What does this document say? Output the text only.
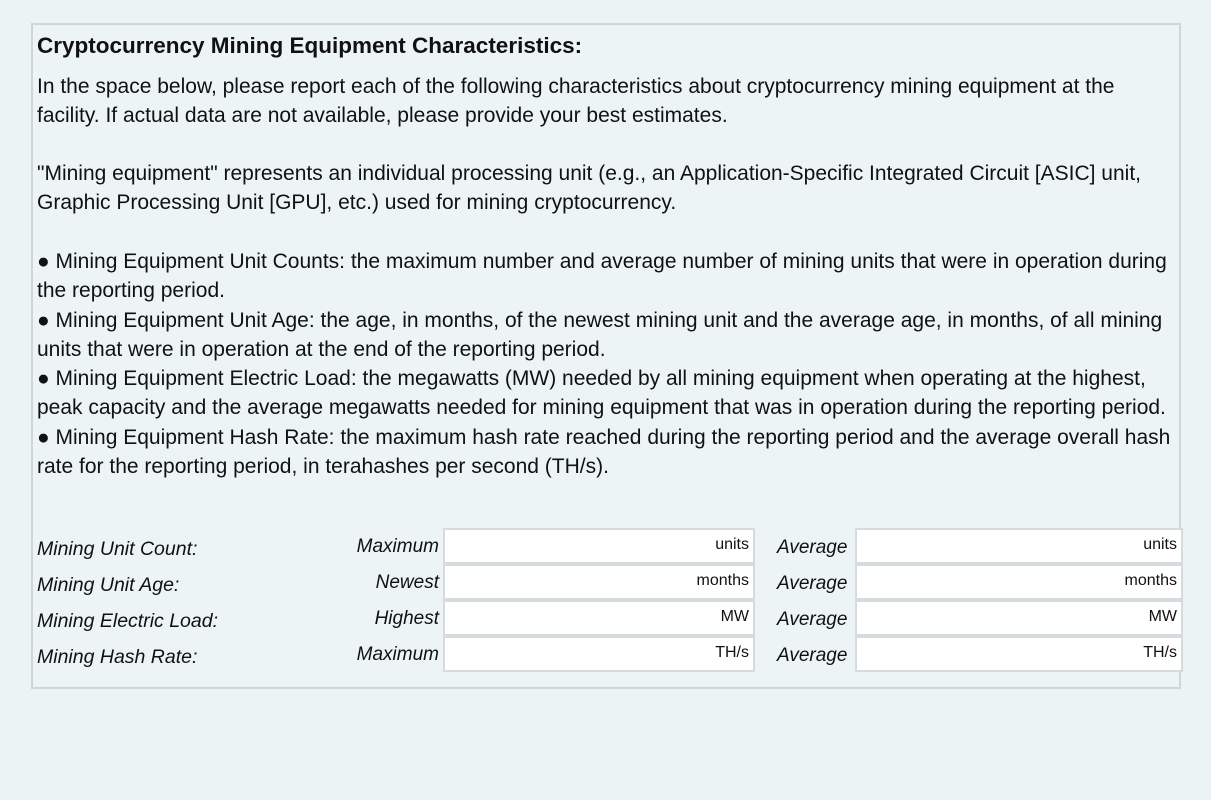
Cryptocurrency Mining Equipment Characteristics:
In the space below, please report each of the following characteristics about cryptocurrency mining equipment at the facility. If actual data are not available, please provide your best estimates.
"Mining equipment" represents an individual processing unit (e.g., an Application-Specific Integrated Circuit [ASIC] unit, Graphic Processing Unit [GPU], etc.) used for mining cryptocurrency.
● Mining Equipment Unit Counts: the maximum number and average number of mining units that were in operation during the reporting period.
● Mining Equipment Unit Age: the age, in months, of the newest mining unit and the average age, in months, of all mining units that were in operation at the end of the reporting period.
● Mining Equipment Electric Load: the megawatts (MW) needed by all mining equipment when operating at the highest, peak capacity and the average megawatts needed for mining equipment that was in operation during the reporting period.
● Mining Equipment Hash Rate: the maximum hash rate reached during the reporting period and the average overall hash rate for the reporting period, in terahashes per second (TH/s).
Mining Unit Count:	Maximum	units Average	units
Mining Unit Age:	Newest	months Average	months
Mining Electric Load:	Highest	MW Average	MW
Mining Hash Rate:	Maximum	TH/s Average	TH/s
